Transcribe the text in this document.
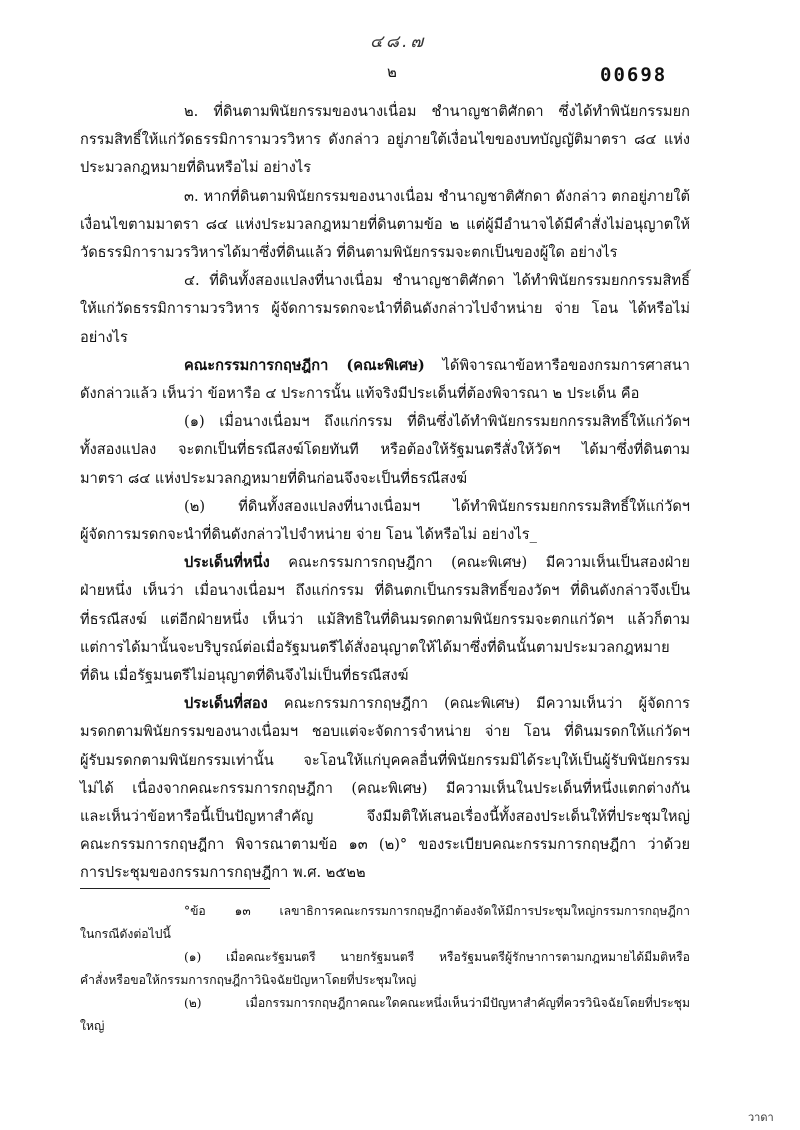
๔๘.๗
๒	00698

๒. ที่ดินตามพินัยกรรมของนางเนื่อม ชำนาญชาติศักดา ซึ่งได้ทำพินัยกรรมยก

กรรมสิทธิ์ให้แก่วัดธรรมิการามวรวิหาร ดังกล่าว อยู่ภายใต้เงื่อนไขของบทบัญญัติมาตรา ๘๔ แห่ง

ประมวลกฎหมายที่ดินหรือไม่ อย่างไร

๓. หากที่ดินตามพินัยกรรมของนางเนื่อม ชำนาญชาติศักดา ดังกล่าว ตกอยู่ภายใต้

เงื่อนไขตามมาตรา ๘๔ แห่งประมวลกฎหมายที่ดินตามข้อ ๒ แต่ผู้มีอำนาจได้มีคำสั่งไม่อนุญาตให้

วัดธรรมิการามวรวิหารได้มาซึ่งที่ดินแล้ว ที่ดินตามพินัยกรรมจะตกเป็นของผู้ใด อย่างไร

๔. ที่ดินทั้งสองแปลงที่นางเนื่อม ชำนาญชาติศักดา ได้ทำพินัยกรรมยกกรรมสิทธิ์

ให้แก่วัดธรรมิการามวรวิหาร ผู้จัดการมรดกจะนำที่ดินดังกล่าวไปจำหน่าย จ่าย โอน ได้หรือไม่

อย่างไร

คณะกรรมการกฤษฎีกา (คณะพิเศษ) ได้พิจารณาข้อหารือของกรมการศาสนา

ดังกล่าวแล้ว เห็นว่า ข้อหารือ ๔ ประการนั้น แท้จริงมีประเด็นที่ต้องพิจารณา ๒ ประเด็น คือ

(๑) เมื่อนางเนื่อมฯ ถึงแก่กรรม ที่ดินซึ่งได้ทำพินัยกรรมยกกรรมสิทธิ์ให้แก่วัดฯ

ทั้งสองแปลง จะตกเป็นที่ธรณีสงฆ์โดยทันที หรือต้องให้รัฐมนตรีสั่งให้วัดฯ ได้มาซึ่งที่ดินตาม

มาตรา ๘๔ แห่งประมวลกฎหมายที่ดินก่อนจึงจะเป็นที่ธรณีสงฆ์

(๒) ที่ดินทั้งสองแปลงที่นางเนื่อมฯ ได้ทำพินัยกรรมยกกรรมสิทธิ์ให้แก่วัดฯ

ผู้จัดการมรดกจะนำที่ดินดังกล่าวไปจำหน่าย จ่าย โอน ได้หรือไม่ อย่างไร_

ประเด็นที่หนึ่ง คณะกรรมการกฤษฎีกา (คณะพิเศษ) มีความเห็นเป็นสองฝ่าย

ฝ่ายหนึ่ง เห็นว่า เมื่อนางเนื่อมฯ ถึงแก่กรรม ที่ดินตกเป็นกรรมสิทธิ์ของวัดฯ ที่ดินดังกล่าวจึงเป็น

ที่ธรณีสงฆ์ แต่อีกฝ่ายหนึ่ง เห็นว่า แม้สิทธิในที่ดินมรดกตามพินัยกรรมจะตกแก่วัดฯ แล้วก็ตาม

แต่การได้มานั้นจะบริบูรณ์ต่อเมื่อรัฐมนตรีได้สั่งอนุญาตให้ได้มาซึ่งที่ดินนั้นตามประมวลกฎหมาย

ที่ดิน เมื่อรัฐมนตรีไม่อนุญาตที่ดินจึงไม่เป็นที่ธรณีสงฆ์

ประเด็นที่สอง คณะกรรมการกฤษฎีกา (คณะพิเศษ) มีความเห็นว่า ผู้จัดการ

มรดกตามพินัยกรรมของนางเนื่อมฯ ชอบแต่จะจัดการจำหน่าย จ่าย โอน ที่ดินมรดกให้แก่วัดฯ

ผู้รับมรดกตามพินัยกรรมเท่านั้น จะโอนให้แก่บุคคลอื่นที่พินัยกรรมมิได้ระบุให้เป็นผู้รับพินัยกรรม

ไม่ได้ เนื่องจากคณะกรรมการกฤษฎีกา (คณะพิเศษ) มีความเห็นในประเด็นที่หนึ่งแตกต่างกัน

และเห็นว่าข้อหารือนี้เป็นปัญหาสำคัญ จึงมีมติให้เสนอเรื่องนี้ทั้งสองประเด็นให้ที่ประชุมใหญ่

คณะกรรมการกฤษฎีกา พิจารณาตามข้อ ๑๓ (๒)° ของระเบียบคณะกรรมการกฤษฎีกา ว่าด้วย

การประชุมของกรรมการกฤษฎีกา พ.ศ. ๒๕๒๒

°ข้อ ๑๓ เลขาธิการคณะกรรมการกฤษฎีกาต้องจัดให้มีการประชุมใหญ่กรรมการกฤษฎีกา

ในกรณีดังต่อไปนี้

(๑) เมื่อคณะรัฐมนตรี นายกรัฐมนตรี หรือรัฐมนตรีผู้รักษาการตามกฎหมายได้มีมติหรือ

คำสั่งหรือขอให้กรรมการกฤษฎีกาวินิจฉัยปัญหาโดยที่ประชุมใหญ่

(๒) เมื่อกรรมการกฤษฎีกาคณะใดคณะหนึ่งเห็นว่ามีปัญหาสำคัญที่ควรวินิจฉัยโดยที่ประชุม

ใหญ่

วาดา
